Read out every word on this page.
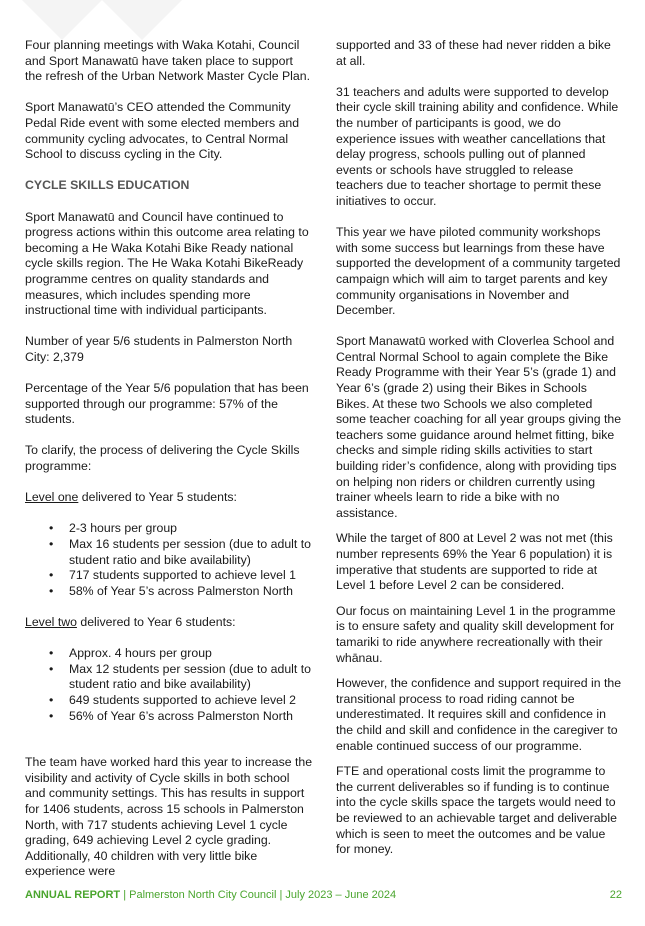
Four planning meetings with Waka Kotahi, Council and Sport Manawatū have taken place to support the refresh of the Urban Network Master Cycle Plan.

Sport Manawatū’s CEO attended the Community Pedal Ride event with some elected members and community cycling advocates, to Central Normal School to discuss cycling in the City.

CYCLE SKILLS EDUCATION

Sport Manawatū and Council have continued to progress actions within this outcome area relating to becoming a He Waka Kotahi Bike Ready national cycle skills region. The He Waka Kotahi BikeReady programme centres on quality standards and measures, which includes spending more instructional time with individual participants.

Number of year 5/6 students in Palmerston North City: 2,379

Percentage of the Year 5/6 population that has been supported through our programme: 57% of the students.

To clarify, the process of delivering the Cycle Skills programme:

Level one delivered to Year 5 students:

• 2-3 hours per group
• Max 16 students per session (due to adult to student ratio and bike availability)
• 717 students supported to achieve level 1
• 58% of Year 5’s across Palmerston North

Level two delivered to Year 6 students:

• Approx. 4 hours per group
• Max 12 students per session (due to adult to student ratio and bike availability)
• 649 students supported to achieve level 2
• 56% of Year 6’s across Palmerston North

The team have worked hard this year to increase the visibility and activity of Cycle skills in both school and community settings. This has results in support for 1406 students, across 15 schools in Palmerston North, with 717 students achieving Level 1 cycle grading, 649 achieving Level 2 cycle grading. Additionally, 40 children with very little bike experience were

supported and 33 of these had never ridden a bike at all.

31 teachers and adults were supported to develop their cycle skill training ability and confidence. While the number of participants is good, we do experience issues with weather cancellations that delay progress, schools pulling out of planned events or schools have struggled to release teachers due to teacher shortage to permit these initiatives to occur.

This year we have piloted community workshops with some success but learnings from these have supported the development of a community targeted campaign which will aim to target parents and key community organisations in November and December.

Sport Manawatū worked with Cloverlea School and Central Normal School to again complete the Bike Ready Programme with their Year 5’s (grade 1) and Year 6’s (grade 2) using their Bikes in Schools Bikes. At these two Schools we also completed some teacher coaching for all year groups giving the teachers some guidance around helmet fitting, bike checks and simple riding skills activities to start building rider’s confidence, along with providing tips on helping non riders or children currently using trainer wheels learn to ride a bike with no assistance.

While the target of 800 at Level 2 was not met (this number represents 69% the Year 6 population) it is imperative that students are supported to ride at Level 1 before Level 2 can be considered.

Our focus on maintaining Level 1 in the programme is to ensure safety and quality skill development for tamariki to ride anywhere recreationally with their whānau.

However, the confidence and support required in the transitional process to road riding cannot be underestimated. It requires skill and confidence in the child and skill and confidence in the caregiver to enable continued success of our programme.

FTE and operational costs limit the programme to the current deliverables so if funding is to continue into the cycle skills space the targets would need to be reviewed to an achievable target and deliverable which is seen to meet the outcomes and be value for money.

ANNUAL REPORT | Palmerston North City Council | July 2023 – June 2024	22
